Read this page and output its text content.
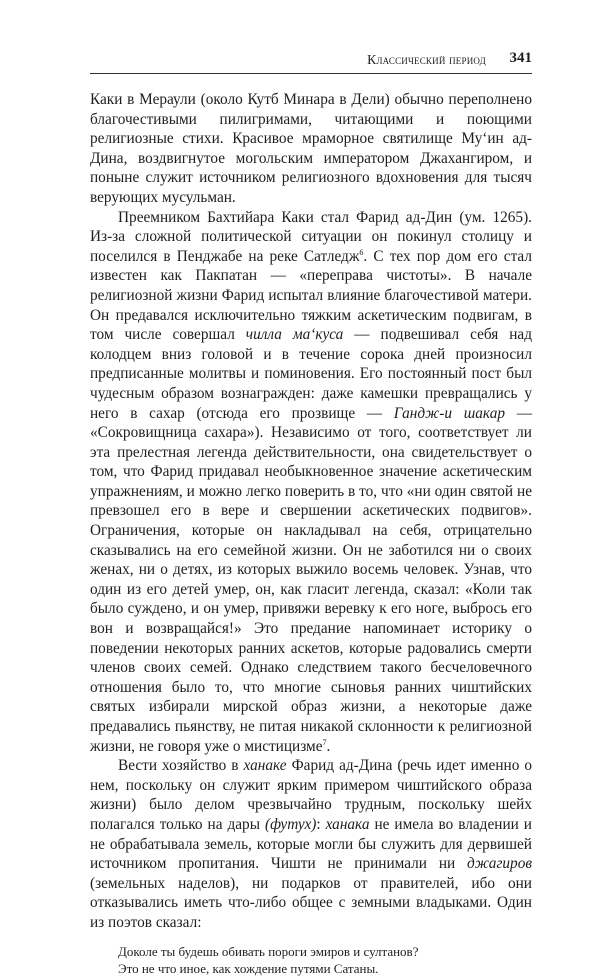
Классический период 341

Каки в Мераули (около Кутб Минара в Дели) обычно переполнено благочестивыми пилигримами, читающими и поющими религиозные стихи. Красивое мраморное святилище Му‘ин ад-Дина, воздвигнутое могольским императором Джахангиром, и поныне служит источником религиозного вдохновения для тысяч верующих мусульман.

Преемником Бахтийара Каки стал Фарид ад-Дин (ум. 1265). Из-за сложной политической ситуации он покинул столицу и поселился в Пенджабе на реке Сатледж$^6$. С тех пор дом его стал известен как Пакпатан — «переправа чистоты». В начале религиозной жизни Фарид испытал влияние благочестивой матери. Он предавался исключительно тяжким аскетическим подвигам, в том числе совершал чилла ма‘куса — подвешивал себя над колодцем вниз головой и в течение сорока дней произносил предписанные молитвы и поминовения. Его постоянный пост был чудесным образом вознагражден: даже камешки превращались у него в сахар (отсюда его прозвище — Гандж-и шакар — «Сокровищница сахара»). Независимо от того, соответствует ли эта прелестная легенда действительности, она свидетельствует о том, что Фарид придавал необыкновенное значение аскетическим упражнениям, и можно легко поверить в то, что «ни один святой не превзошел его в вере и свершении аскетических подвигов». Ограничения, которые он накладывал на себя, отрицательно сказывались на его семейной жизни. Он не заботился ни о своих женах, ни о детях, из которых выжило восемь человек. Узнав, что один из его детей умер, он, как гласит легенда, сказал: «Коли так было суждено, и он умер, привяжи веревку к его ноге, выбрось его вон и возвращайся!» Это предание напоминает историку о поведении некоторых ранних аскетов, которые радовались смерти членов своих семей. Однако следствием такого бесчеловечного отношения было то, что многие сыновья ранних чиштийских святых избирали мирской образ жизни, а некоторые даже предавались пьянству, не питая никакой склонности к религиозной жизни, не говоря уже о мистицизме$^7$.

Вести хозяйство в ханаке Фарид ад-Дина (речь идет именно о нем, поскольку он служит ярким примером чиштийского образа жизни) было делом чрезвычайно трудным, поскольку шейх полагался только на дары (футух): ханака не имела во владении и не обрабатывала земель, которые могли бы служить для дервишей источником пропитания. Чишти не принимали ни джагиров (земельных наделов), ни подарков от правителей, ибо они отказывались иметь что-либо общее с земными владыками. Один из поэтов сказал:

Доколе ты будешь обивать пороги эмиров и султанов?
Это не что иное, как хождение путями Сатаны.
